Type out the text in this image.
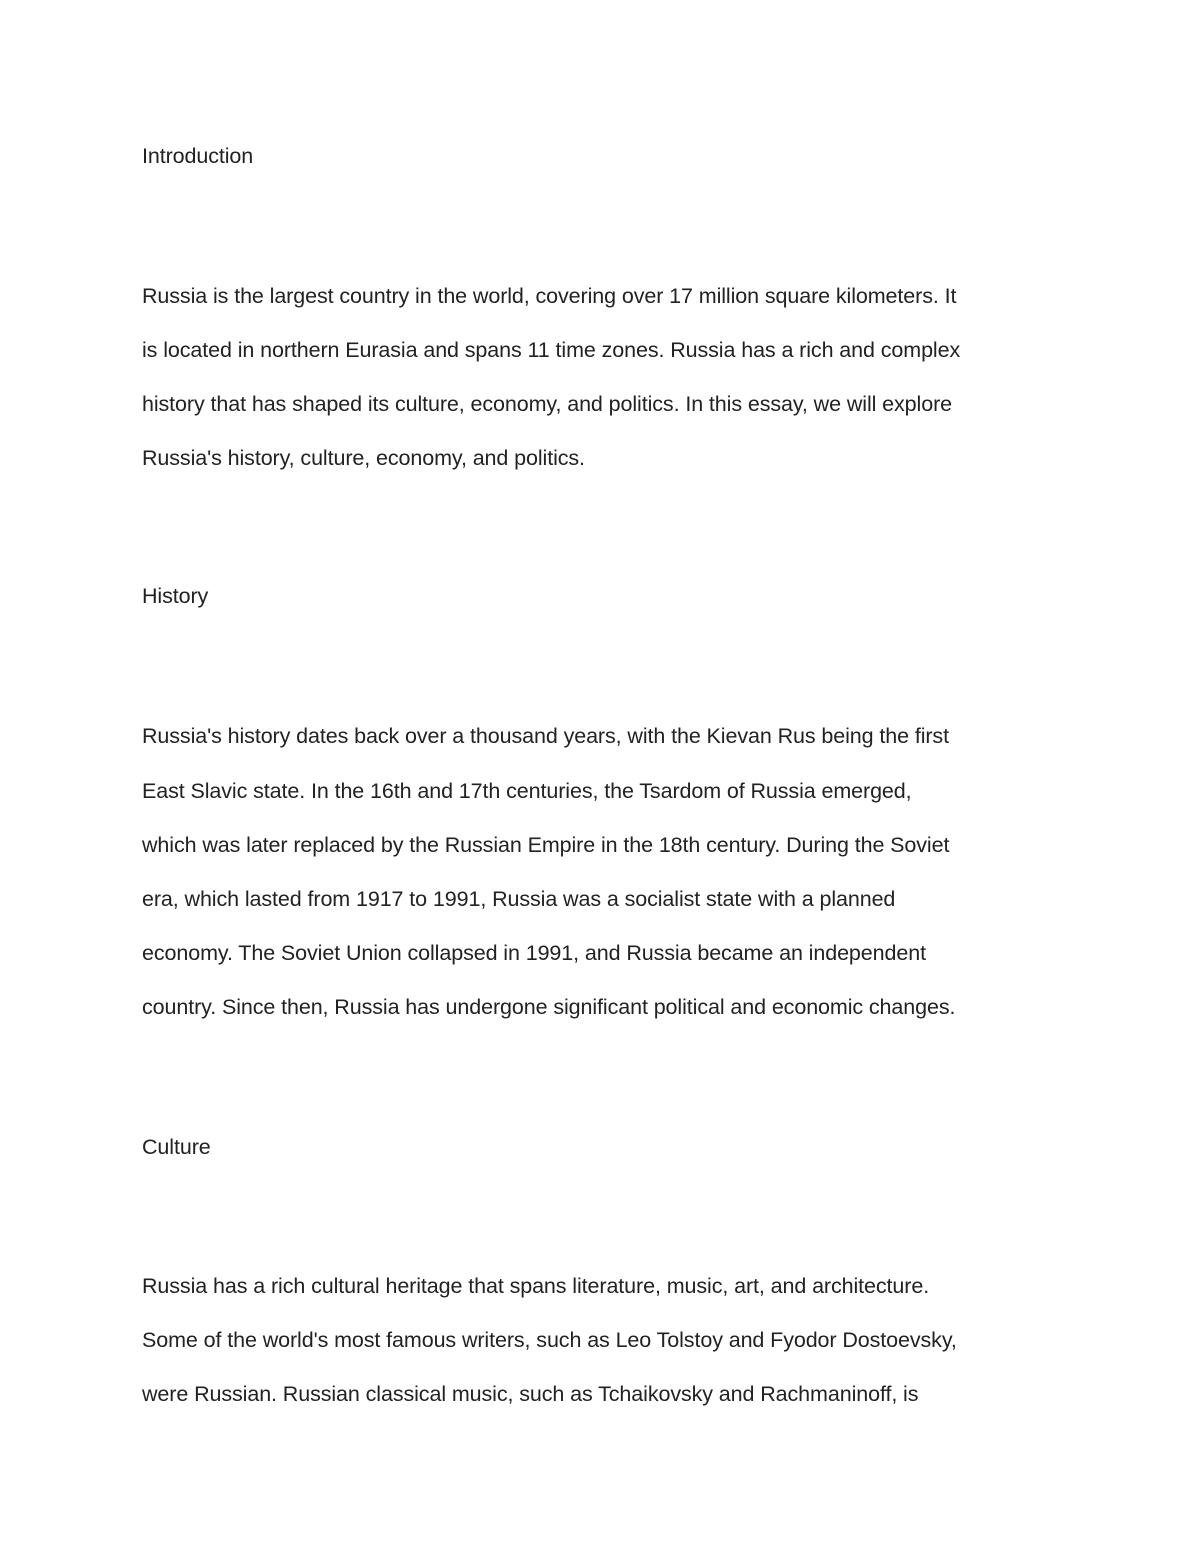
Introduction
Russia is the largest country in the world, covering over 17 million square kilometers. It
is located in northern Eurasia and spans 11 time zones. Russia has a rich and complex
history that has shaped its culture, economy, and politics. In this essay, we will explore
Russia's history, culture, economy, and politics.
History
Russia's history dates back over a thousand years, with the Kievan Rus being the first
East Slavic state. In the 16th and 17th centuries, the Tsardom of Russia emerged,
which was later replaced by the Russian Empire in the 18th century. During the Soviet
era, which lasted from 1917 to 1991, Russia was a socialist state with a planned
economy. The Soviet Union collapsed in 1991, and Russia became an independent
country. Since then, Russia has undergone significant political and economic changes.
Culture
Russia has a rich cultural heritage that spans literature, music, art, and architecture.
Some of the world's most famous writers, such as Leo Tolstoy and Fyodor Dostoevsky,
were Russian. Russian classical music, such as Tchaikovsky and Rachmaninoff, is
